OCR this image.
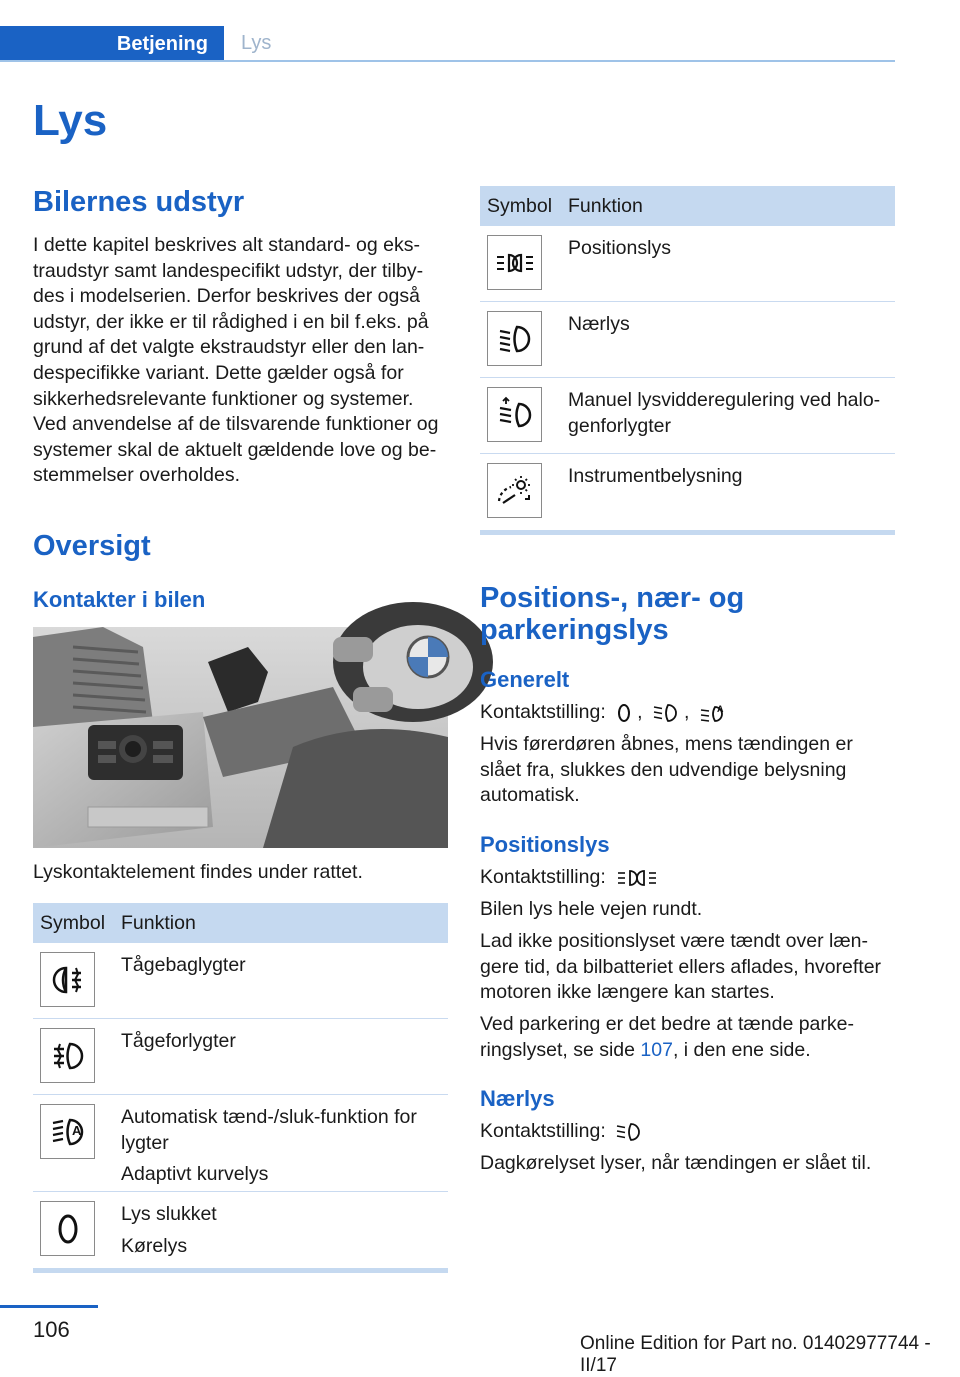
Betjening	Lys
Lys
Bilernes udstyr
I dette kapitel beskrives alt standard- og eks‐
traudstyr samt landespecifikt udstyr, der tilby‐
des i modelserien. Derfor beskrives der også
udstyr, der ikke er til rådighed i en bil f.eks. på
grund af det valgte ekstraudstyr eller den lan‐
despecifikke variant. Dette gælder også for
sikkerhedsrelevante funktioner og systemer.
Ved anvendelse af de tilsvarende funktioner og
systemer skal de aktuelt gældende love og be‐
stemmelser overholdes.
Oversigt
Kontakter i bilen
Lyskontaktelement findes under rattet.
Symbol Funktion

Tågebaglygter

Tågeforlygter

A

Automatisk tænd-/sluk-funktion for lygter

Adaptivt kurvelys

Lys slukket

Kørelys

Symbol Funktion

Positionslys

Nærlys

Manuel lysvidderegulering ved halo‐
genforlygter

Instrumentbelysning

Positions-, nær- og
parkeringslys
Generelt
Kontaktstilling: , ,	A
Hvis førerdøren åbnes, mens tændingen er
slået fra, slukkes den udvendige belysning
automatisk.
Positionslys
Kontaktstilling:
Bilen lys hele vejen rundt.
Lad ikke positionslyset være tændt over læn‐
gere tid, da bilbatteriet ellers aflades, hvorefter
motoren ikke længere kan startes.
Ved parkering er det bedre at tænde parke‐
ringslyset, se side 107, i den ene side.
Nærlys
Kontaktstilling:
Dagkørelyset lyser, når tændingen er slået til.
106
Online Edition for Part no. 01402977744 - II/17
